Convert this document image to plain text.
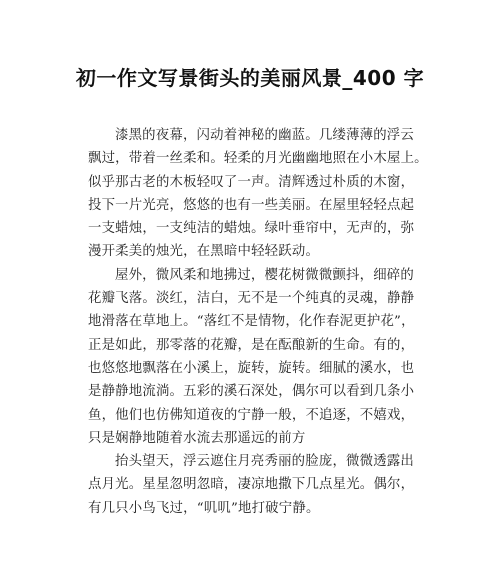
初一作文写景街头的美丽风景_400 字
漆黑的夜幕，闪动着神秘的幽蓝。几缕薄薄的浮云
飘过，带着一丝柔和。轻柔的月光幽幽地照在小木屋上。
似乎那古老的木板轻叹了一声。清辉透过朴质的木窗，
投下一片光亮，悠悠的也有一些美丽。在屋里轻轻点起
一支蜡烛，一支纯洁的蜡烛。绿叶垂帘中，无声的，弥
漫开柔美的烛光，在黑暗中轻轻跃动。
屋外，微风柔和地拂过，樱花树微微颤抖，细碎的
花瓣飞落。淡红，洁白，无不是一个纯真的灵魂，静静
地滑落在草地上。“落红不是情物，化作春泥更护花”，
正是如此，那零落的花瓣，是在酝酿新的生命。有的，
也悠悠地飘落在小溪上，旋转，旋转。细腻的溪水，也
是静静地流淌。五彩的溪石深处，偶尔可以看到几条小
鱼，他们也仿佛知道夜的宁静一般，不追逐，不嬉戏，
只是娴静地随着水流去那遥远的前方
抬头望天，浮云遮住月亮秀丽的脸庞，微微透露出
点月光。星星忽明忽暗，凄凉地撒下几点星光。偶尔，
有几只小鸟飞过，“叽叽”地打破宁静。
